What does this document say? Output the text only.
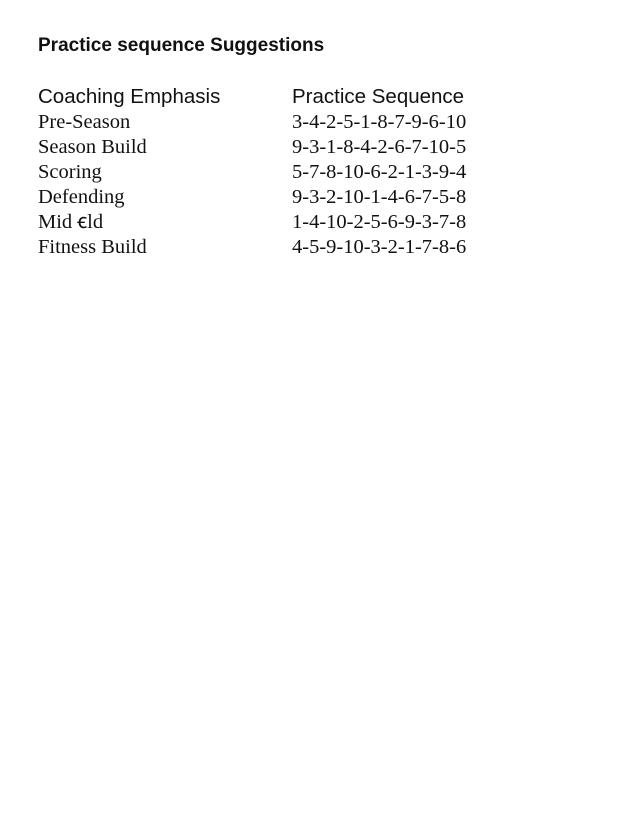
Practice sequence Suggestions
Coaching Emphasis	Practice Sequence
Pre-Season	3-4-2-5-1-8-7-9-6-10
Season Build	9-3-1-8-4-2-6-7-10-5
Scoring	5-7-8-10-6-2-1-3-9-4
Defending	9-3-2-10-1-4-6-7-5-8
Mid ꞓld	1-4-10-2-5-6-9-3-7-8
Fitness Build	4-5-9-10-3-2-1-7-8-6
